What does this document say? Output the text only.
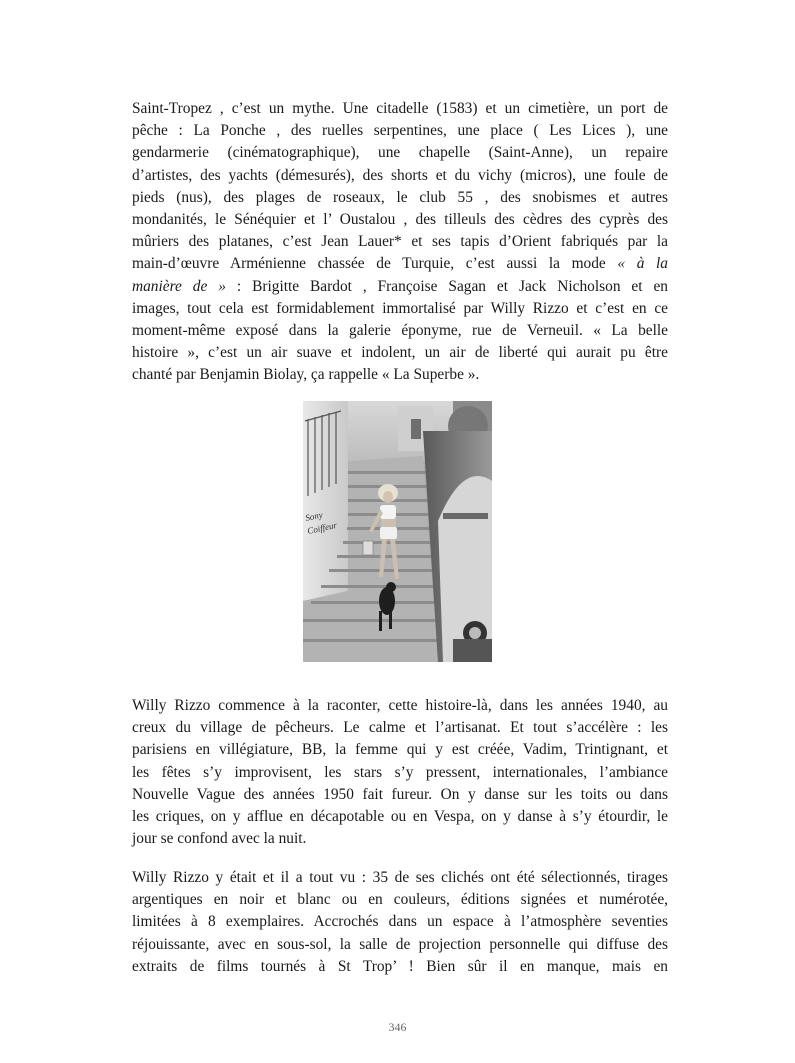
Saint-Tropez , c’est un mythe. Une citadelle (1583) et un cimetière, un port de
pêche : La Ponche , des ruelles serpentines, une place ( Les Lices ), une
gendarmerie (cinématographique), une chapelle (Saint-Anne), un repaire
d’artistes, des yachts (démesurés), des shorts et du vichy (micros), une foule de
pieds (nus), des plages de roseaux, le club 55 , des snobismes et autres
mondanités, le Sénéquier et l’ Oustalou , des tilleuls des cèdres des cyprès des
mûriers des platanes, c’est Jean Lauer* et ses tapis d’Orient fabriqués par la
main-d’œuvre Arménienne chassée de Turquie, c’est aussi la mode « à la
manière de » : Brigitte Bardot , Françoise Sagan et Jack Nicholson et en
images, tout cela est formidablement immortalisé par Willy Rizzo et c’est en ce
moment-même exposé dans la galerie éponyme, rue de Verneuil. « La belle
histoire », c’est un air suave et indolent, un air de liberté qui aurait pu être
chanté par Benjamin Biolay, ça rappelle « La Superbe ».
Sony
Coiffeur
Willy Rizzo commence à la raconter, cette histoire-là, dans les années 1940, au
creux du village de pêcheurs. Le calme et l’artisanat. Et tout s’accélère : les
parisiens en villégiature, BB, la femme qui y est créée, Vadim, Trintignant, et
les fêtes s’y improvisent, les stars s’y pressent, internationales, l’ambiance
Nouvelle Vague des années 1950 fait fureur. On y danse sur les toits ou dans
les criques, on y afflue en décapotable ou en Vespa, on y danse à s’y étourdir, le
jour se confond avec la nuit.
Willy Rizzo y était et il a tout vu : 35 de ses clichés ont été sélectionnés, tirages
argentiques en noir et blanc ou en couleurs, éditions signées et numérotée,
limitées à 8 exemplaires. Accrochés dans un espace à l’atmosphère seventies
réjouissante, avec en sous-sol, la salle de projection personnelle qui diffuse des
extraits de films tournés à St Trop’ ! Bien sûr il en manque, mais en
346
